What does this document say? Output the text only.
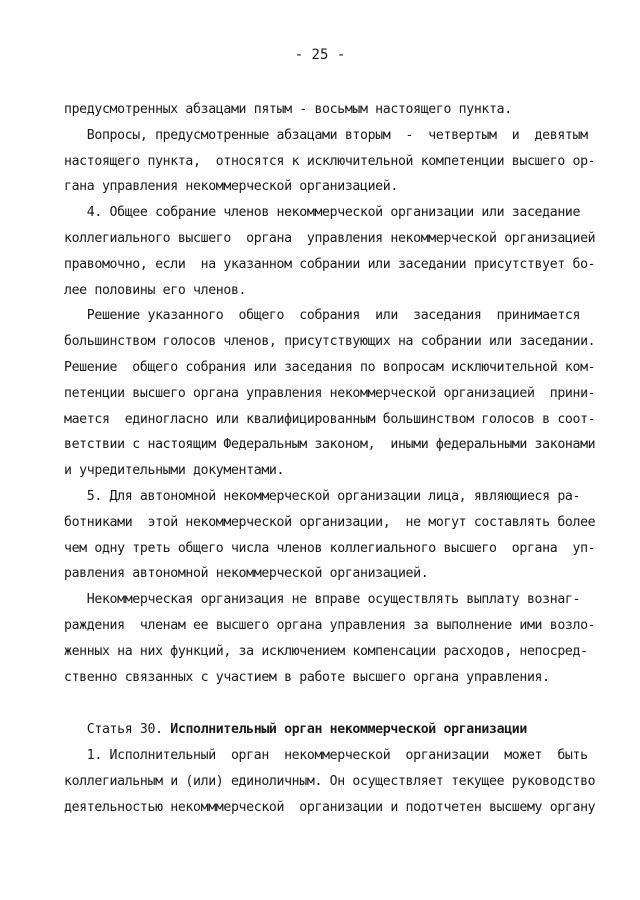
- 25 -
предусмотренных абзацами пятым - восьмым настоящего пункта.
Вопросы, предусмотренные абзацами вторым  -  четвертым  и  девятым
настоящего пункта,  относятся к исключительной компетенции высшего ор-
гана управления некоммерческой организацией.
4. Общее собрание членов некоммерческой организации или заседание
коллегиального высшего  органа  управления некоммерческой организацией
правомочно, если  на указанном собрании или заседании присутствует бо-
лее половины его членов.
Решение указанного  общего  собрания  или  заседания  принимается
большинством голосов членов, присутствующих на собрании или заседании.
Решение  общего собрания или заседания по вопросам исключительной ком-
петенции высшего органа управления некоммерческой организацией  прини-
мается  единогласно или квалифицированным большинством голосов в соот-
ветствии с настоящим Федеральным законом,  иными федеральными законами
и учредительными документами.
5. Для автономной некоммерческой организации лица, являющиеся ра-
ботниками  этой некоммерческой организации,  не могут составлять более
чем одну треть общего числа членов коллегиального высшего  органа  уп-
равления автономной некоммерческой организацией.
Некоммерческая организация не вправе осуществлять выплату вознаг-
раждения  членам ее высшего органа управления за выполнение ими возло-
женных на них функций, за исключением компенсации расходов, непосред-
ственно связанных с участием в работе высшего органа управления.
Статья 30. Исполнительный орган некоммерческой организации
1. Исполнительный  орган  некоммерческой  организации  может  быть
коллегиальным и (или) единоличным. Он осуществляет текущее руководство
деятельностью некомммерческой  организации и подотчетен высшему органу
